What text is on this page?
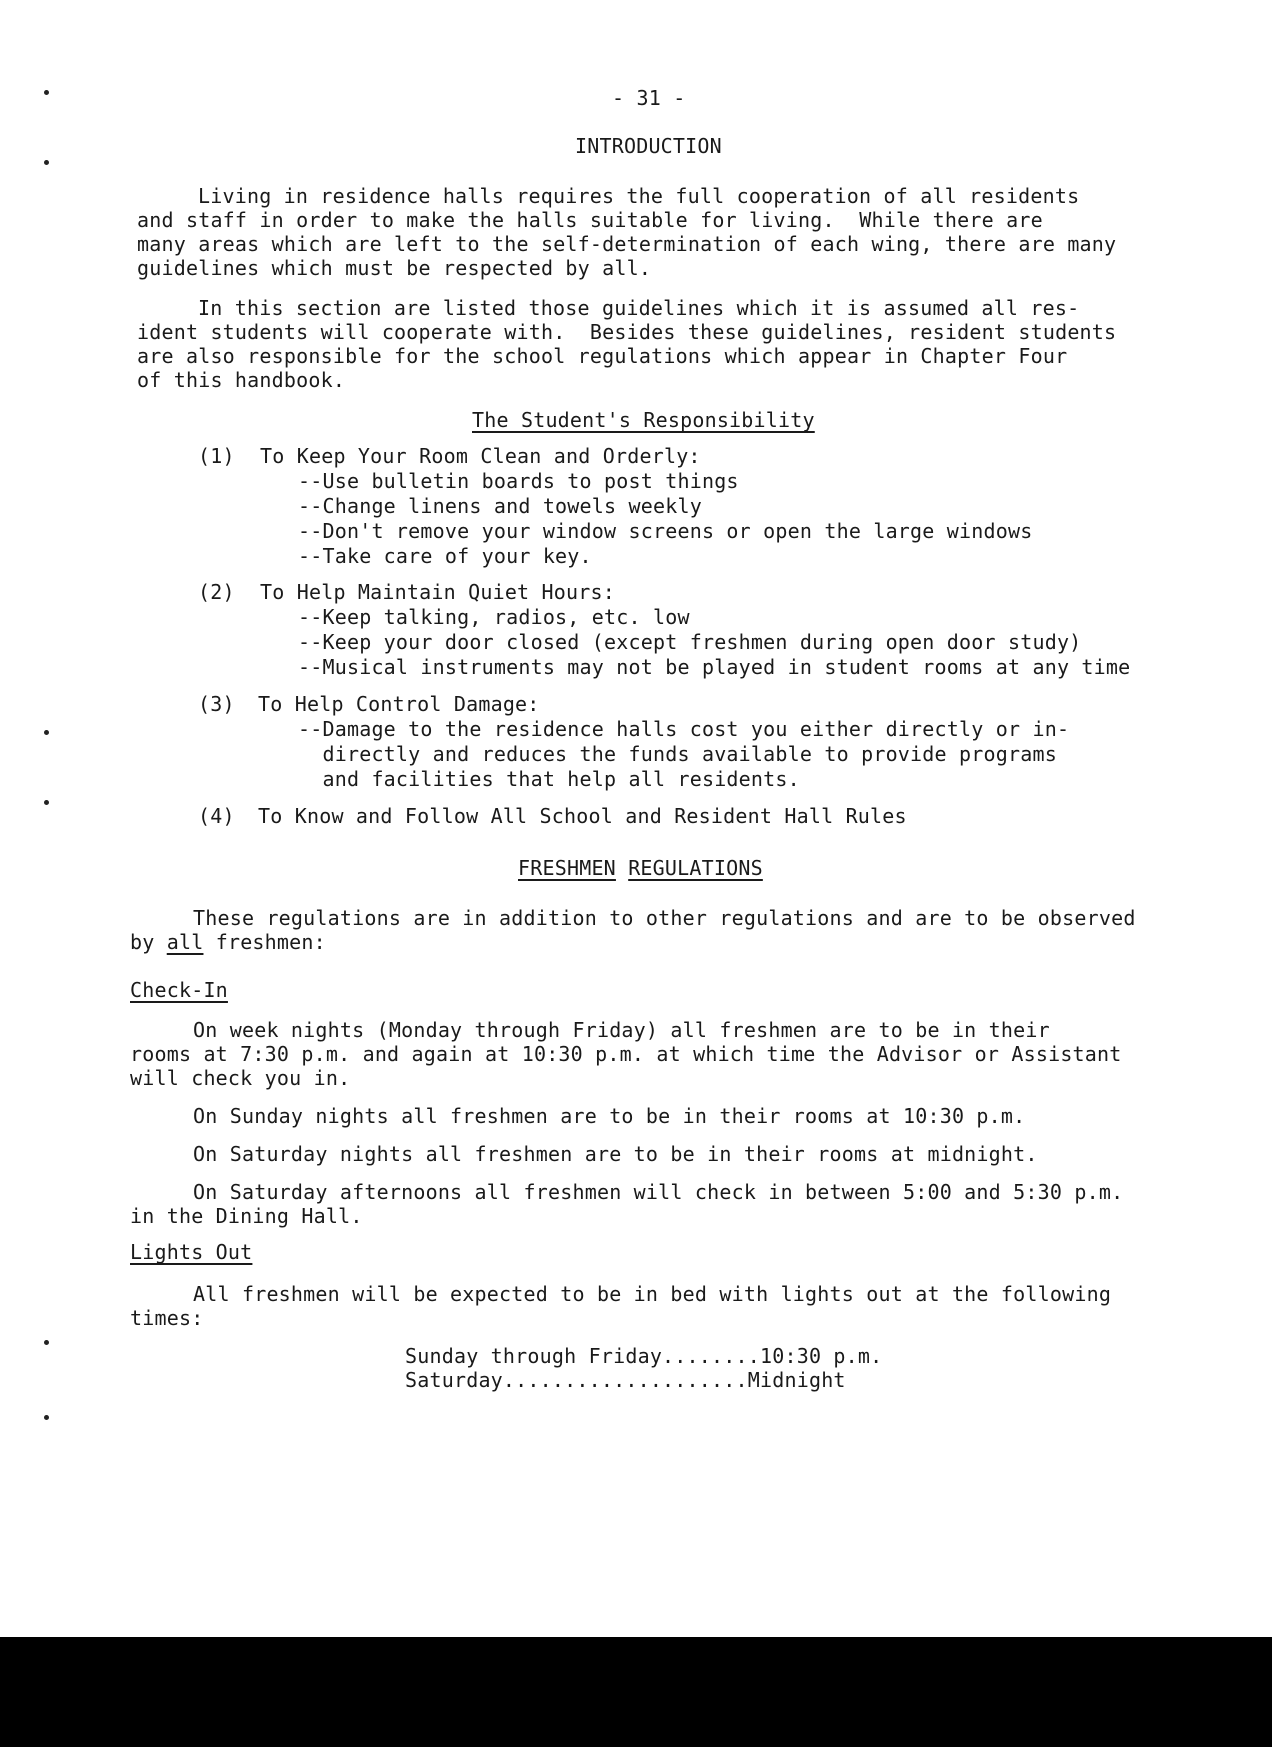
- 31 -
INTRODUCTION
Living in residence halls requires the full cooperation of all residents
and staff in order to make the halls suitable for living.  While there are
many areas which are left to the self-determination of each wing, there are many
guidelines which must be respected by all.
In this section are listed those guidelines which it is assumed all res-
ident students will cooperate with.  Besides these guidelines, resident students
are also responsible for the school regulations which appear in Chapter Four
of this handbook.
The Student's Responsibility
(1) To Keep Your Room Clean and Orderly:
--Use bulletin boards to post things
--Change linens and towels weekly
--Don't remove your window screens or open the large windows
--Take care of your key.
(2) To Help Maintain Quiet Hours:
--Keep talking, radios, etc. low
--Keep your door closed (except freshmen during open door study)
--Musical instruments may not be played in student rooms at any time
(3) To Help Control Damage:
--Damage to the residence halls cost you either directly or in-
directly and reduces the funds available to provide programs
and facilities that help all residents.
(4) To Know and Follow All School and Resident Hall Rules
FRESHMEN REGULATIONS
These regulations are in addition to other regulations and are to be observed
by all freshmen:
Check-In
On week nights (Monday through Friday) all freshmen are to be in their
rooms at 7:30 p.m. and again at 10:30 p.m. at which time the Advisor or Assistant
will check you in.
On Sunday nights all freshmen are to be in their rooms at 10:30 p.m.
On Saturday nights all freshmen are to be in their rooms at midnight.
On Saturday afternoons all freshmen will check in between 5:00 and 5:30 p.m.
in the Dining Hall.
Lights Out
All freshmen will be expected to be in bed with lights out at the following
times:
Sunday through Friday........10:30 p.m.
Saturday....................Midnight
